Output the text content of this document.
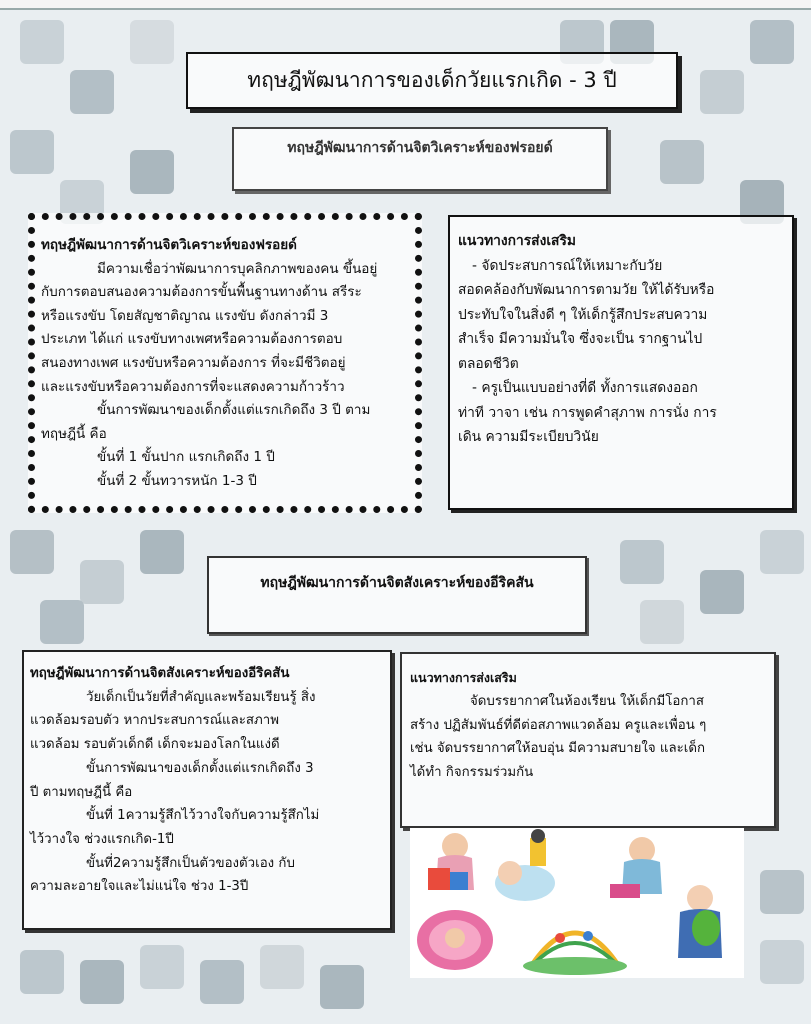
ทฤษฎีพัฒนาการของเด็กวัยแรกเกิด - 3 ปี
ทฤษฎีพัฒนาการด้านจิตวิเคราะห์ของฟรอยด์

ทฤษฎีพัฒนาการด้านจิตวิเคราะห์ของฟรอยด์

มีความเชื่อว่าพัฒนาการบุคลิกภาพของคน ขึ้นอยู่

กับการตอบสนองความต้องการขั้นพื้นฐานทางด้าน สรีระ

หรือแรงขับ โดยสัญชาติญาณ แรงขับ ดังกล่าวมี 3

ประเภท ได้แก่ แรงขับทางเพศหรือความต้องการตอบ

สนองทางเพศ แรงขับหรือความต้องการ ที่จะมีชีวิตอยู่

และแรงขับหรือความต้องการที่จะแสดงความก้าวร้าว

ขั้นการพัฒนาของเด็กตั้งแต่แรกเกิดถึง 3 ปี ตาม

ทฤษฎีนี้ คือ

ขั้นที่ 1 ขั้นปาก แรกเกิดถึง 1 ปี

ขั้นที่ 2 ขั้นทวารหนัก 1-3 ปี

แนวทางการส่งเสริม

- จัดประสบการณ์ให้เหมาะกับวัย

สอดคล้องกับพัฒนาการตามวัย ให้ได้รับหรือ

ประทับใจในสิ่งดี ๆ ให้เด็กรู้สึกประสบความ

สำเร็จ มีความมั่นใจ ซึ่งจะเป็น รากฐานไป

ตลอดชีวิต

- ครูเป็นแบบอย่างที่ดี ทั้งการแสดงออก

ท่าที วาจา เช่น การพูดคำสุภาพ การนั่ง การ

เดิน ความมีระเบียบวินัย

ทฤษฎีพัฒนาการด้านจิตสังเคราะห์ของอีริคสัน

ทฤษฎีพัฒนาการด้านจิตสังเคราะห์ของอีริคสัน

วัยเด็กเป็นวัยที่สำคัญและพร้อมเรียนรู้ สิ่ง

แวดล้อมรอบตัว หากประสบการณ์และสภาพ

แวดล้อม รอบตัวเด็กดี เด็กจะมองโลกในแง่ดี

ขั้นการพัฒนาของเด็กตั้งแต่แรกเกิดถึง 3

ปี ตามทฤษฎีนี้ คือ

ขั้นที่ 1ความรู้สึกไว้วางใจกับความรู้สึกไม่

ไว้วางใจ ช่วงแรกเกิด-1ปี

ขั้นที่2ความรู้สึกเป็นตัวของตัวเอง กับ

ความละอายใจและไม่แน่ใจ ช่วง 1-3ปี

แนวทางการส่งเสริม

จัดบรรยากาศในห้องเรียน ให้เด็กมีโอกาส

สร้าง ปฏิสัมพันธ์ที่ดีต่อสภาพแวดล้อม ครูและเพื่อน ๆ

เช่น จัดบรรยากาศให้อบอุ่น มีความสบายใจ และเด็ก

ได้ทำ กิจกรรมร่วมกัน
